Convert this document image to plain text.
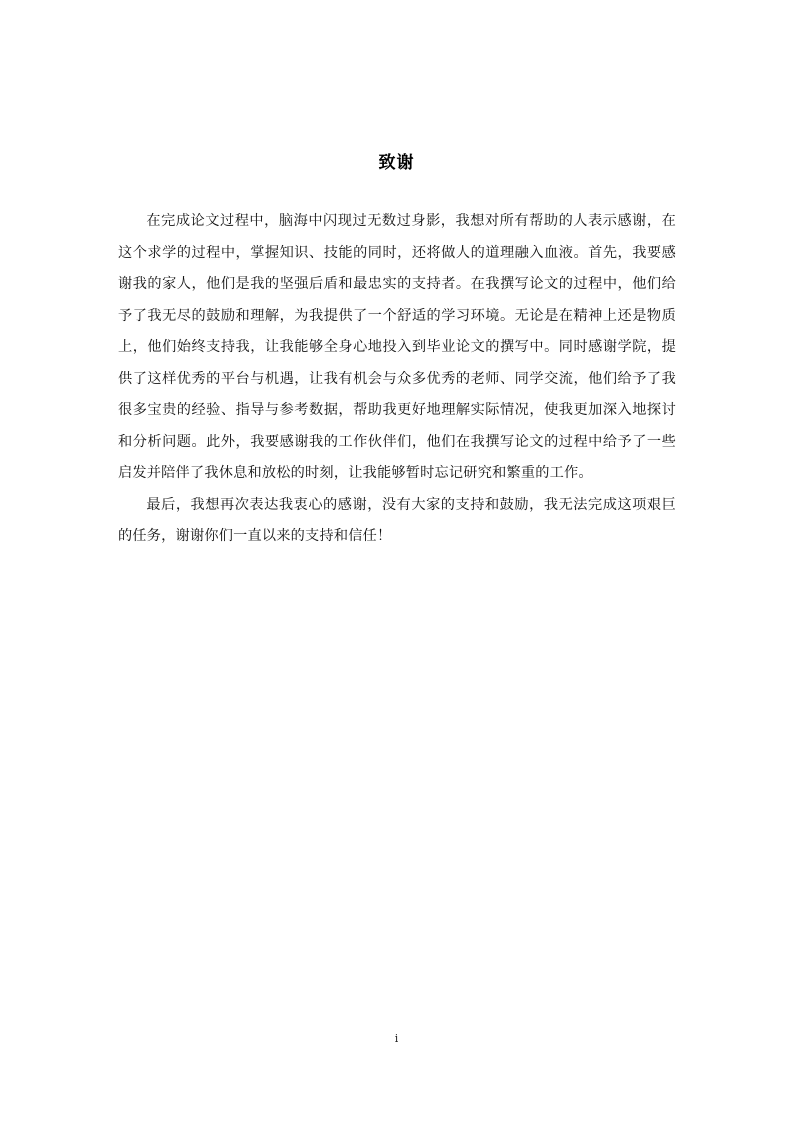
致谢

在完成论文过程中，脑海中闪现过无数过身影，我想对所有帮助的人表示感谢，在这个求学的过程中，掌握知识、技能的同时，还将做人的道理融入血液。首先，我要感谢我的家人，他们是我的坚强后盾和最忠实的支持者。在我撰写论文的过程中，他们给予了我无尽的鼓励和理解，为我提供了一个舒适的学习环境。无论是在精神上还是物质上，他们始终支持我，让我能够全身心地投入到毕业论文的撰写中。同时感谢学院，提供了这样优秀的平台与机遇，让我有机会与众多优秀的老师、同学交流，他们给予了我很多宝贵的经验、指导与参考数据，帮助我更好地理解实际情况，使我更加深入地探讨和分析问题。此外，我要感谢我的工作伙伴们，他们在我撰写论文的过程中给予了一些启发并陪伴了我休息和放松的时刻，让我能够暂时忘记研究和繁重的工作。

最后，我想再次表达我衷心的感谢，没有大家的支持和鼓励，我无法完成这项艰巨的任务，谢谢你们一直以来的支持和信任！

i
